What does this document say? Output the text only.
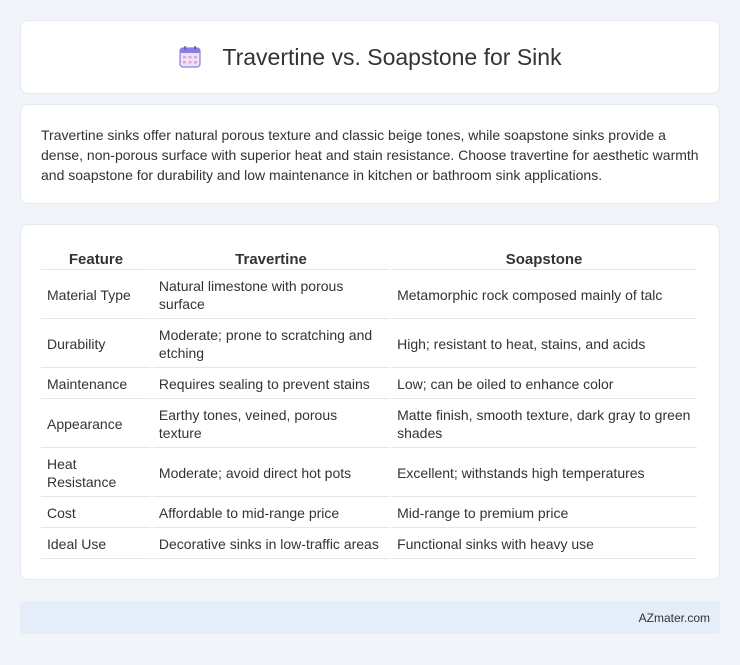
Travertine vs. Soapstone for Sink

Travertine sinks offer natural porous texture and classic beige tones, while soapstone sinks provide a dense, non-porous surface with superior heat and stain resistance. Choose travertine for aesthetic warmth and soapstone for durability and low maintenance in kitchen or bathroom sink applications.

Feature	Travertine	Soapstone
Material Type	Natural limestone with porous surface	Metamorphic rock composed mainly of talc
Durability	Moderate; prone to scratching and etching	High; resistant to heat, stains, and acids
Maintenance	Requires sealing to prevent stains	Low; can be oiled to enhance color
Appearance	Earthy tones, veined, porous texture	Matte finish, smooth texture, dark gray to green shades
Heat Resistance	Moderate; avoid direct hot pots	Excellent; withstands high temperatures
Cost	Affordable to mid-range price	Mid-range to premium price
Ideal Use	Decorative sinks in low-traffic areas	Functional sinks with heavy use
AZmater.com
